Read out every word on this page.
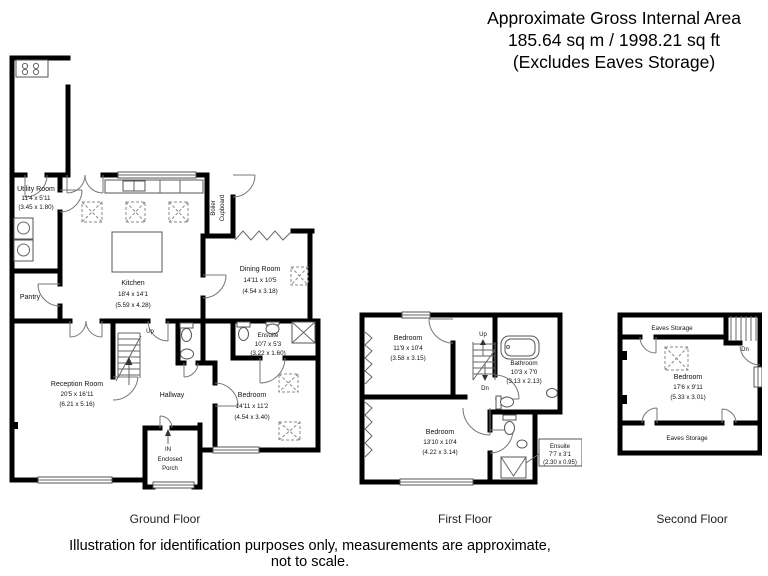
Approximate Gross Internal Area
185.64 sq m / 1998.21 sq ft
(Excludes Eaves Storage)
Utility Room
11'4 x 5'11
(3.45 x 1.80)
Kitchen
18'4 x 14'1
(5.59 x 4.28)
Boiler Cupboard
Dining Room
14'11 x 10'5
(4.54 x 3.18)
Pantry
Reception Room
20'5 x 16'11
(6.21 x 5.16)
Hallway
Ensuite
10'7 x 5'3
(3.22 x 1.60)
Bedroom
14'11 x 11'2
(4.54 x 3.40)
IN
Enclosed
Porch
Up
Ensuite
7'7 x 3'1
(2.30 x 0.95)
Bedroom
11'9 x 10'4
(3.58 x 3.15)
Bedroom
13'10 x 10'4
(4.22 x 3.14)
Bathroom
10'3 x 7'0
(3.13 x 2.13)
Up
Dn
Eaves Storage
Bedroom
17'6 x 9'11
(5.33 x 3.01)
Eaves Storage
Dn
Ground Floor	First Floor	Second Floor
Illustration for identification purposes only, measurements are approximate, not to scale.
